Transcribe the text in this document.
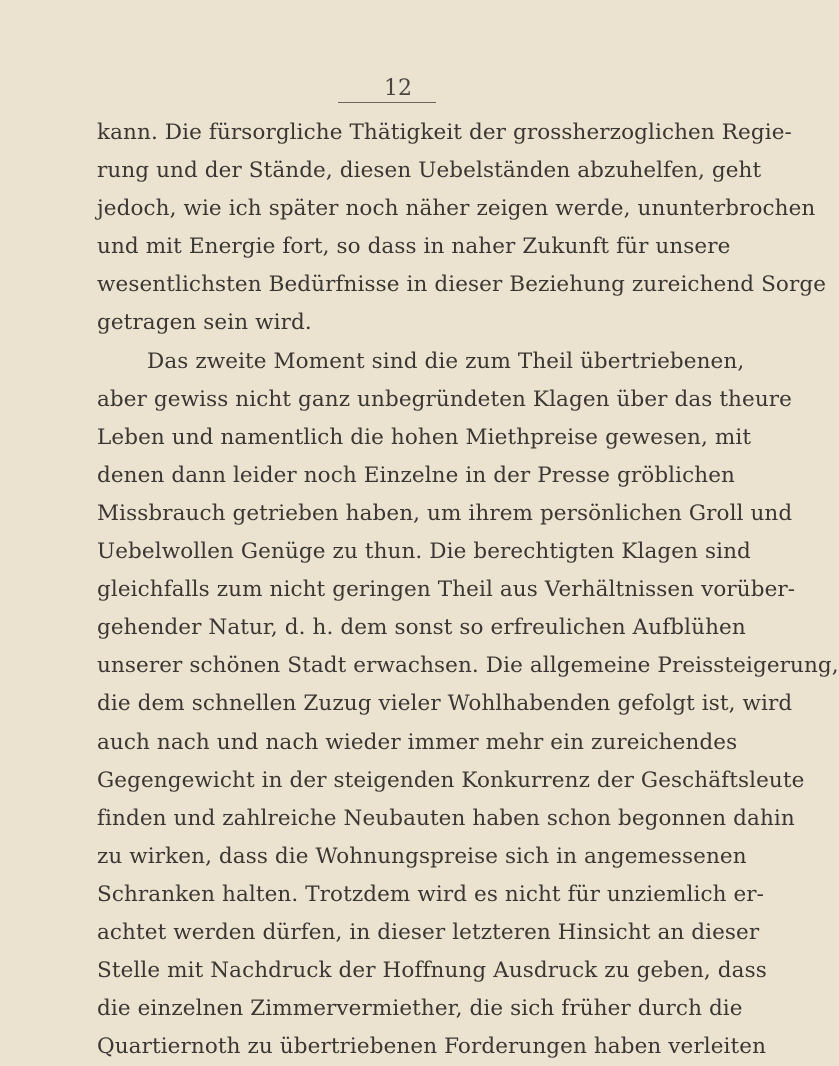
12
kann. Die fürsorgliche Thätigkeit der grossherzoglichen Regie-
rung und der Stände, diesen Uebelständen abzuhelfen, geht
jedoch, wie ich später noch näher zeigen werde, ununterbrochen
und mit Energie fort, so dass in naher Zukunft für unsere
wesentlichsten Bedürfnisse in dieser Beziehung zureichend Sorge
getragen sein wird.
Das zweite Moment sind die zum Theil übertriebenen,
aber gewiss nicht ganz unbegründeten Klagen über das theure
Leben und namentlich die hohen Miethpreise gewesen, mit
denen dann leider noch Einzelne in der Presse gröblichen
Missbrauch getrieben haben, um ihrem persönlichen Groll und
Uebelwollen Genüge zu thun. Die berechtigten Klagen sind
gleichfalls zum nicht geringen Theil aus Verhältnissen vorüber-
gehender Natur, d. h. dem sonst so erfreulichen Aufblühen
unserer schönen Stadt erwachsen. Die allgemeine Preissteigerung,
die dem schnellen Zuzug vieler Wohlhabenden gefolgt ist, wird
auch nach und nach wieder immer mehr ein zureichendes
Gegengewicht in der steigenden Konkurrenz der Geschäftsleute
finden und zahlreiche Neubauten haben schon begonnen dahin
zu wirken, dass die Wohnungspreise sich in angemessenen
Schranken halten. Trotzdem wird es nicht für unziemlich er-
achtet werden dürfen, in dieser letzteren Hinsicht an dieser
Stelle mit Nachdruck der Hoffnung Ausdruck zu geben, dass
die einzelnen Zimmervermiether, die sich früher durch die
Quartiernoth zu übertriebenen Forderungen haben verleiten
